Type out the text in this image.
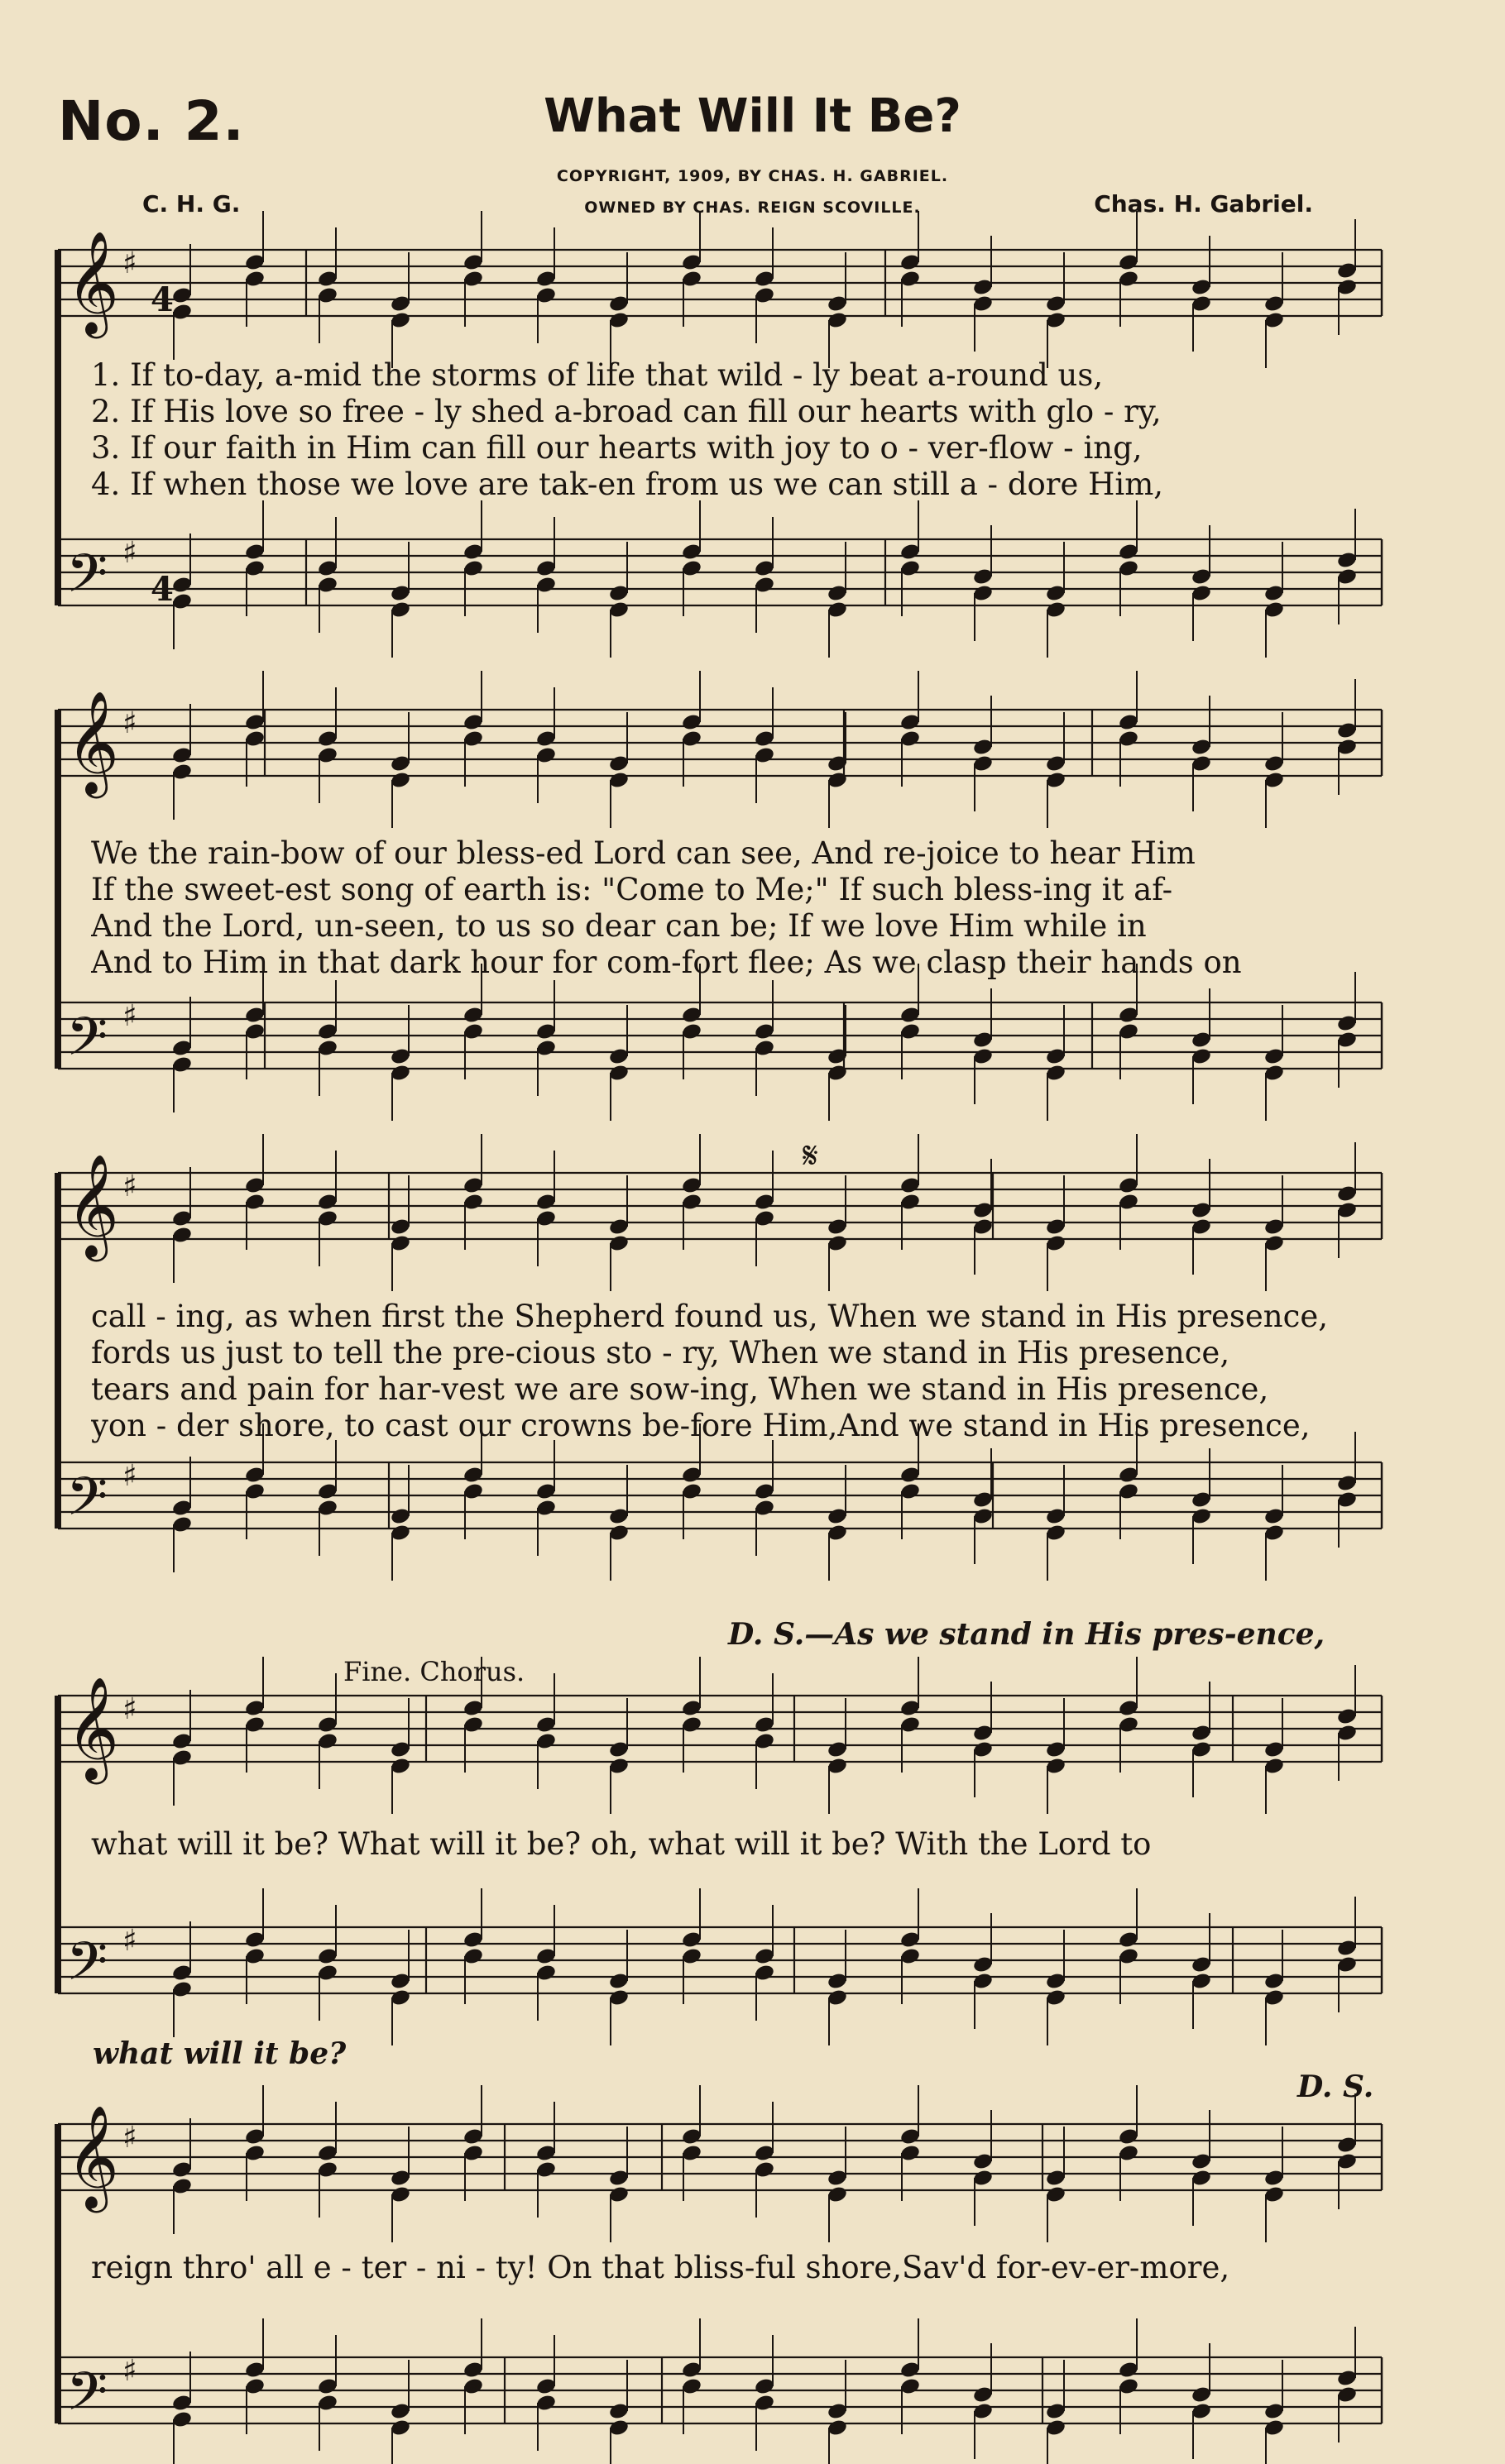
No. 2.	What Will It Be?
COPYRIGHT, 1909, BY CHAS. H. GABRIEL.
OWNED BY CHAS. REIGN SCOVILLE.
C. H. G.	Chas. H. Gabriel.
𝄞 ♯
𝄢 ♯
4
4
𝄞 ♯
𝄢 ♯
𝄞 ♯
𝄢 ♯
𝄞 ♯
𝄢 ♯
𝄞 ♯
𝄢 ♯
𝄋
1. If to-day, a-mid the storms of life that wild - ly beat a-round us,
2. If His love so free - ly shed a-broad can fill our hearts with glo - ry,
3. If our faith in Him can fill our hearts with joy to o - ver-flow - ing,
4. If when those we love are tak-en from us we can still a - dore Him,
We the rain-bow of our bless-ed Lord can see, And re-joice to hear Him
If the sweet-est song of earth is: "Come to Me;" If such bless-ing it af-
And the Lord, un-seen, to us so dear can be; If we love Him while in
And to Him in that dark hour for com-fort flee; As we clasp their hands on
call - ing, as when first the Shepherd found us, When we stand in His presence,
fords us just to tell the pre-cious sto - ry, When we stand in His presence,
tears and pain for har-vest we are sow-ing, When we stand in His presence,
yon - der shore, to cast our crowns be-fore Him,And we stand in His presence,
D. S.—As we stand in His pres-ence,
Fine. Chorus.
what will it be? What will it be? oh, what will it be? With the Lord to
what will it be?
D. S.
reign thro' all e - ter - ni - ty! On that bliss-ful shore,Sav'd for-ev-er-more,
